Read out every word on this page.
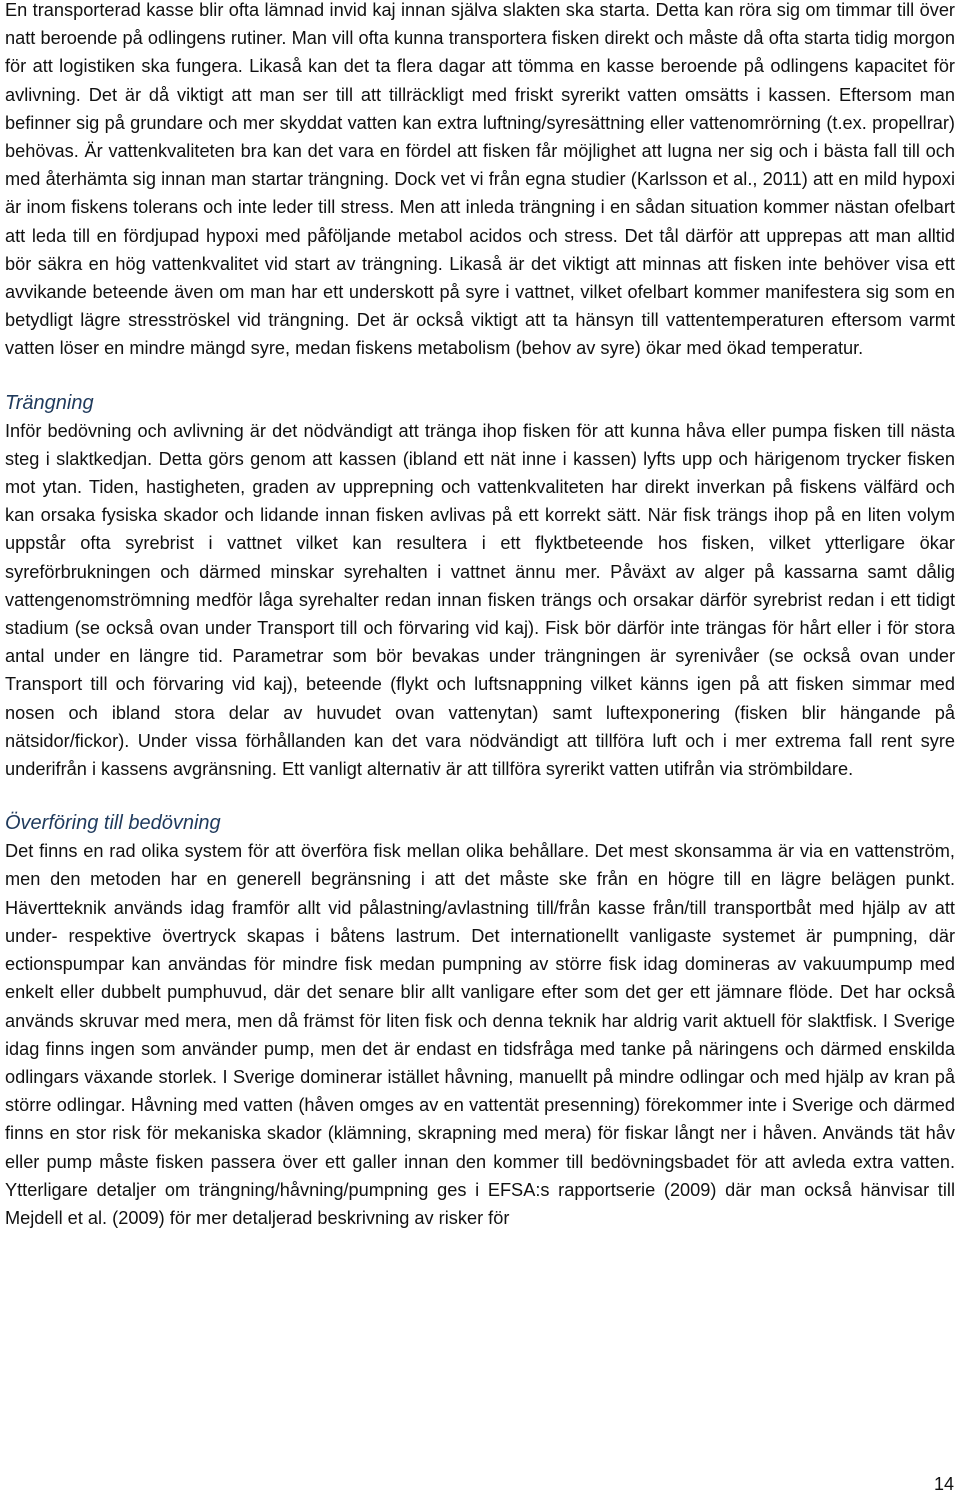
En transporterad kasse blir ofta lämnad invid kaj innan själva slakten ska starta. Detta kan röra sig om timmar till över natt beroende på odlingens rutiner. Man vill ofta kunna transportera fisken direkt och måste då ofta starta tidig morgon för att logistiken ska fungera. Likaså kan det ta flera dagar att tömma en kasse beroende på odlingens kapacitet för avlivning. Det är då viktigt att man ser till att tillräckligt med friskt syrerikt vatten omsätts i kassen. Eftersom man befinner sig på grundare och mer skyddat vatten kan extra luftning/syresättning eller vattenomrörning (t.ex. propellrar) behövas. Är vattenkvaliteten bra kan det vara en fördel att fisken får möjlighet att lugna ner sig och i bästa fall till och med återhämta sig innan man startar trängning. Dock vet vi från egna studier (Karlsson et al., 2011) att en mild hypoxi är inom fiskens tolerans och inte leder till stress. Men att inleda trängning i en sådan situation kommer nästan ofelbart att leda till en fördjupad hypoxi med påföljande metabol acidos och stress. Det tål därför att upprepas att man alltid bör säkra en hög vattenkvalitet vid start av trängning. Likaså är det viktigt att minnas att fisken inte behöver visa ett avvikande beteende även om man har ett underskott på syre i vattnet, vilket ofelbart kommer manifestera sig som en betydligt lägre stresströskel vid trängning. Det är också viktigt att ta hänsyn till vattentemperaturen eftersom varmt vatten löser en mindre mängd syre, medan fiskens metabolism (behov av syre) ökar med ökad temperatur.

Trängning

Inför bedövning och avlivning är det nödvändigt att tränga ihop fisken för att kunna håva eller pumpa fisken till nästa steg i slaktkedjan. Detta görs genom att kassen (ibland ett nät inne i kassen) lyfts upp och härigenom trycker fisken mot ytan. Tiden, hastigheten, graden av upprepning och vattenkvaliteten har direkt inverkan på fiskens välfärd och kan orsaka fysiska skador och lidande innan fisken avlivas på ett korrekt sätt. När fisk trängs ihop på en liten volym uppstår ofta syrebrist i vattnet vilket kan resultera i ett flyktbeteende hos fisken, vilket ytterligare ökar syreförbrukningen och därmed minskar syrehalten i vattnet ännu mer. Påväxt av alger på kassarna samt dålig vattengenomströmning medför låga syrehalter redan innan fisken trängs och orsakar därför syrebrist redan i ett tidigt stadium (se också ovan under Transport till och förvaring vid kaj). Fisk bör därför inte trängas för hårt eller i för stora antal under en längre tid. Parametrar som bör bevakas under trängningen är syrenivåer (se också ovan under Transport till och förvaring vid kaj), beteende (flykt och luftsnappning vilket känns igen på att fisken simmar med nosen och ibland stora delar av huvudet ovan vattenytan) samt luftexponering (fisken blir hängande på nätsidor/fickor). Under vissa förhållanden kan det vara nödvändigt att tillföra luft och i mer extrema fall rent syre underifrån i kassens avgränsning. Ett vanligt alternativ är att tillföra syrerikt vatten utifrån via strömbildare.

Överföring till bedövning

Det finns en rad olika system för att överföra fisk mellan olika behållare. Det mest skonsamma är via en vattenström, men den metoden har en generell begränsning i att det måste ske från en högre till en lägre belägen punkt. Hävertteknik används idag framför allt vid pålastning/avlastning till/från kasse från/till transportbåt med hjälp av att under- respektive övertryck skapas i båtens lastrum. Det internationellt vanligaste systemet är pumpning, där ectionspumpar kan användas för mindre fisk medan pumpning av större fisk idag domineras av vakuumpump med enkelt eller dubbelt pumphuvud, där det senare blir allt vanligare efter som det ger ett jämnare flöde. Det har också används skruvar med mera, men då främst för liten fisk och denna teknik har aldrig varit aktuell för slaktfisk. I Sverige idag finns ingen som använder pump, men det är endast en tidsfråga med tanke på näringens och därmed enskilda odlingars växande storlek. I Sverige dominerar istället håvning, manuellt på mindre odlingar och med hjälp av kran på större odlingar. Håvning med vatten (håven omges av en vattentät presenning) förekommer inte i Sverige och därmed finns en stor risk för mekaniska skador (klämning, skrapning med mera) för fiskar långt ner i håven. Används tät håv eller pump måste fisken passera över ett galler innan den kommer till bedövningsbadet för att avleda extra vatten. Ytterligare detaljer om trängning/håvning/pumpning ges i EFSA:s rapportserie (2009) där man också hänvisar till Mejdell et al. (2009) för mer detaljerad beskrivning av risker för

14
